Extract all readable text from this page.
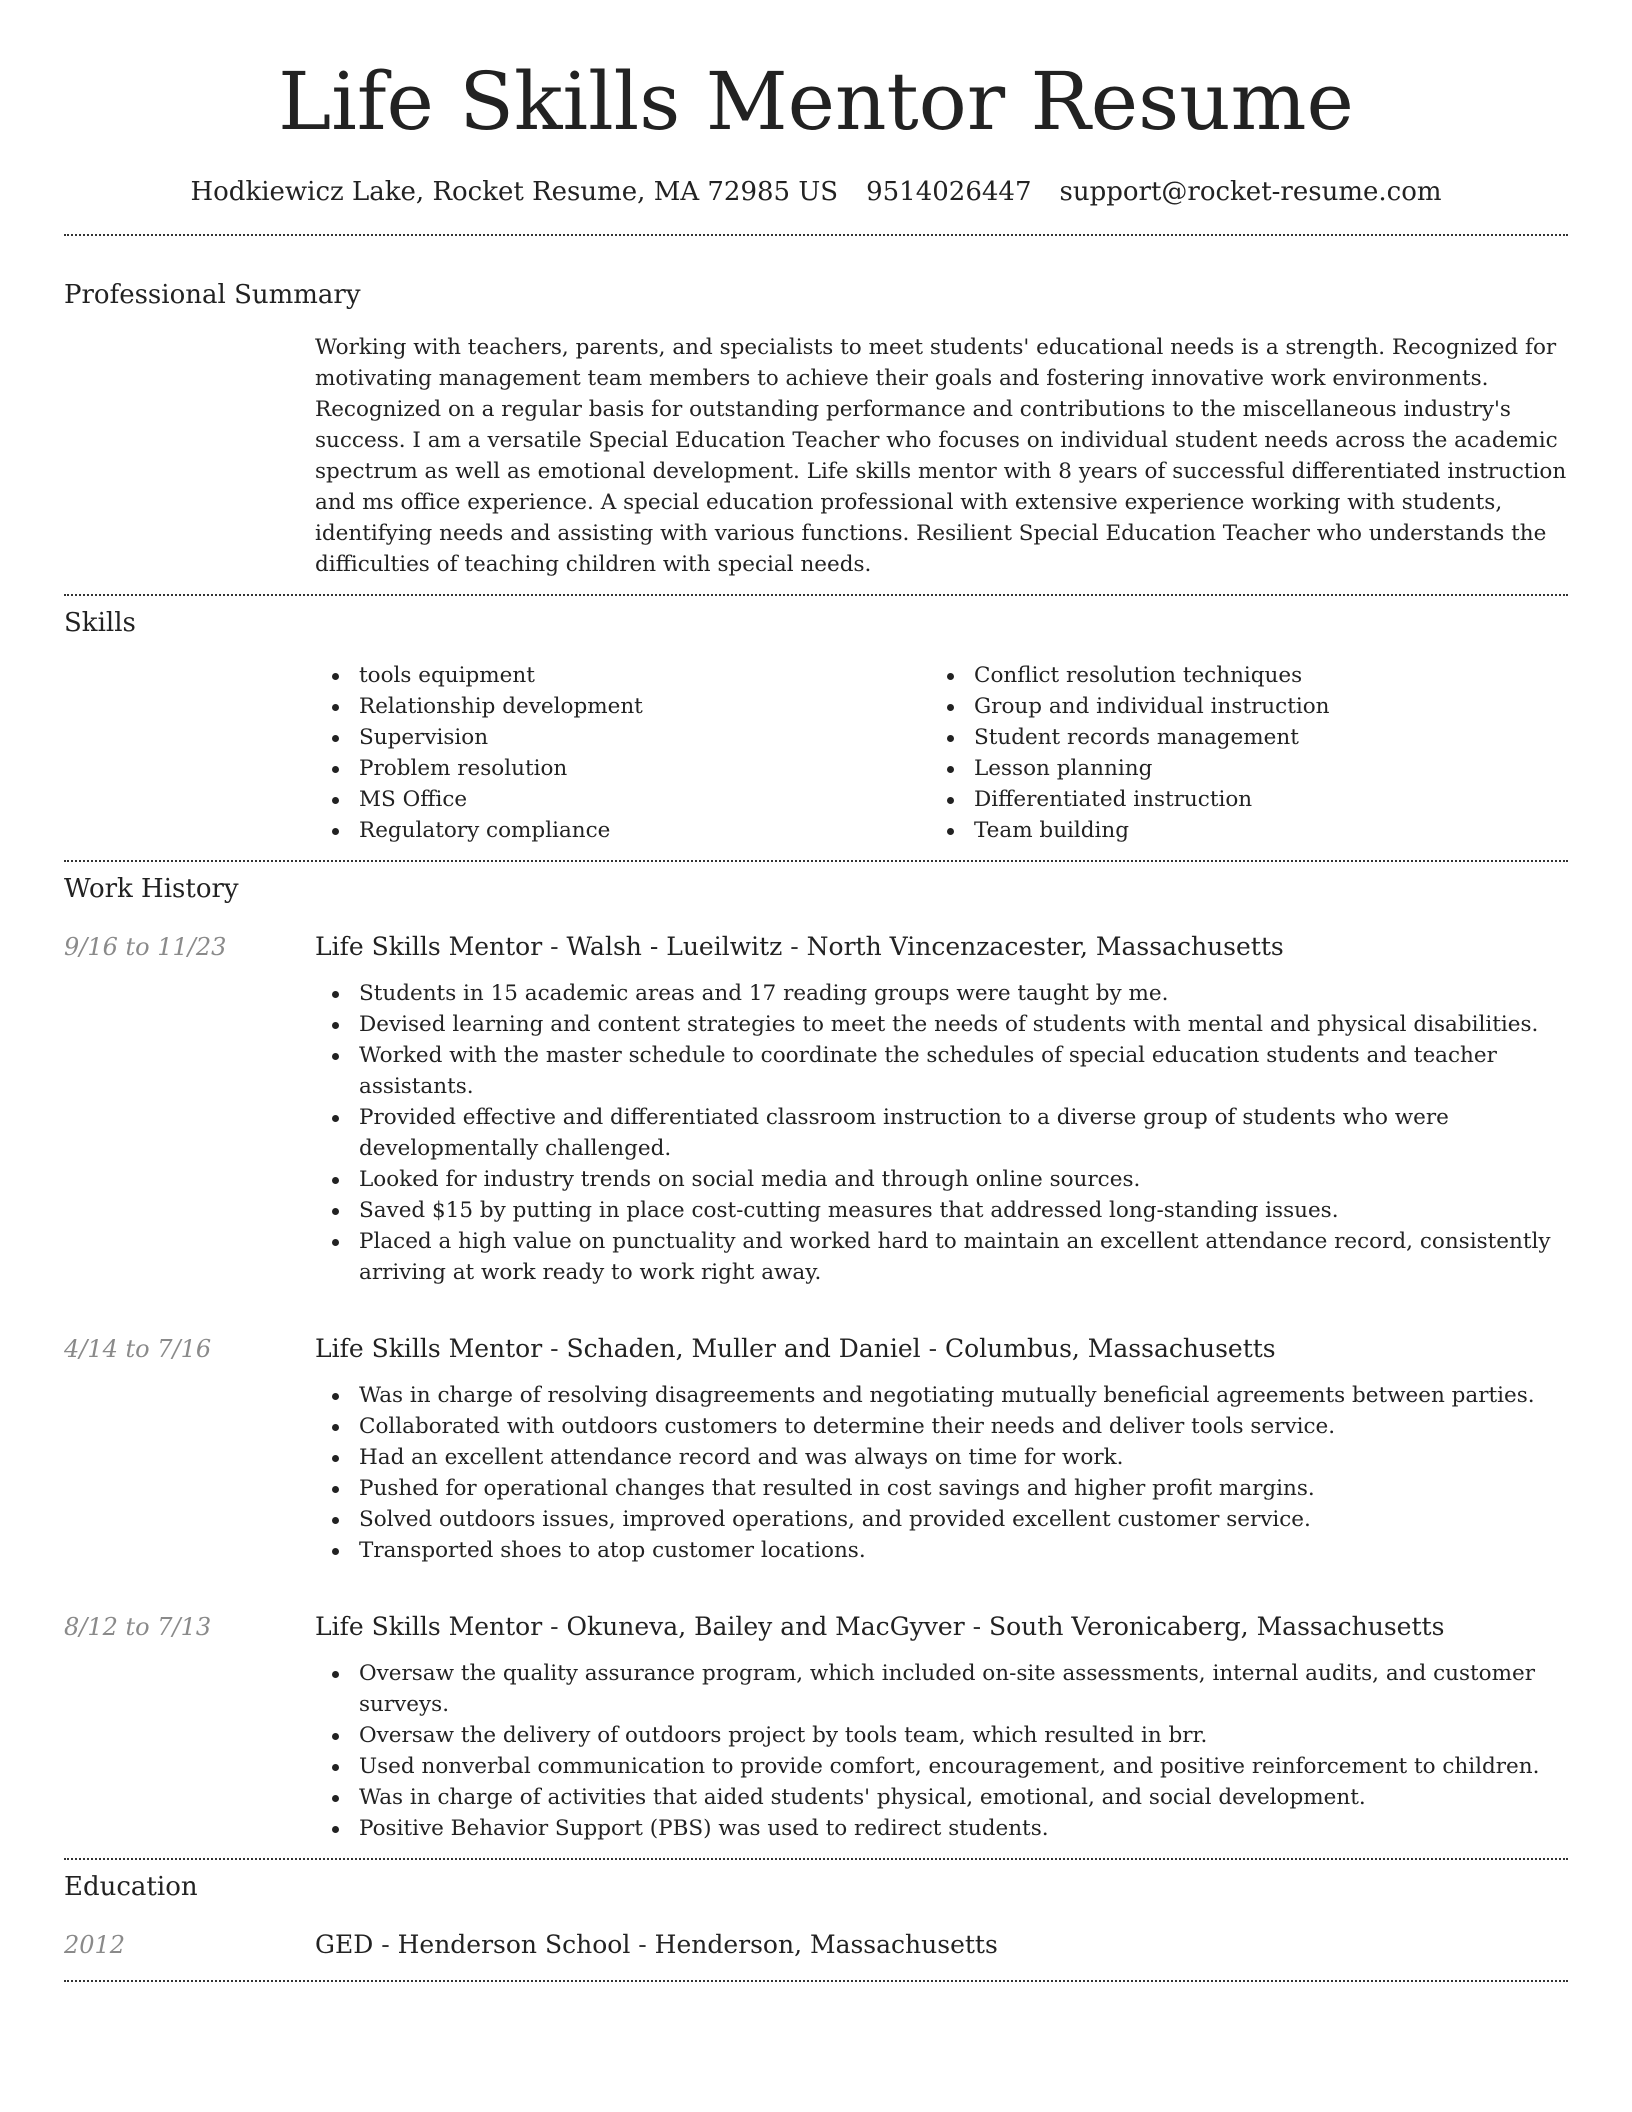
Life Skills Mentor Resume
Hodkiewicz Lake, Rocket Resume, MA 72985 US 9514026447 support@rocket-resume.com
Professional Summary

Working with teachers, parents, and specialists to meet students' educational needs is a strength. Recognized for motivating management team members to achieve their goals and fostering innovative work environments. Recognized on a regular basis for outstanding performance and contributions to the miscellaneous industry's success. I am a versatile Special Education Teacher who focuses on individual student needs across the academic spectrum as well as emotional development. Life skills mentor with 8 years of successful differentiated instruction and ms office experience. A special education professional with extensive experience working with students, identifying needs and assisting with various functions. Resilient Special Education Teacher who understands the difficulties of teaching children with special needs.

Skills
tools equipment
Relationship development
Supervision
Problem resolution
MS Office
Regulatory compliance
Conflict resolution techniques
Group and individual instruction
Student records management
Lesson planning
Differentiated instruction
Team building
Work History
9/16 to 11/23	Life Skills Mentor - Walsh - Lueilwitz - North Vincenzacester, Massachusetts
Students in 15 academic areas and 17 reading groups were taught by me.
Devised learning and content strategies to meet the needs of students with mental and physical disabilities.
Worked with the master schedule to coordinate the schedules of special education students and teacher assistants.
Provided effective and differentiated classroom instruction to a diverse group of students who were developmentally challenged.
Looked for industry trends on social media and through online sources.
Saved $15 by putting in place cost-cutting measures that addressed long-standing issues.
Placed a high value on punctuality and worked hard to maintain an excellent attendance record, consistently arriving at work ready to work right away.
4/14 to 7/16	Life Skills Mentor - Schaden, Muller and Daniel - Columbus, Massachusetts
Was in charge of resolving disagreements and negotiating mutually beneficial agreements between parties.
Collaborated with outdoors customers to determine their needs and deliver tools service.
Had an excellent attendance record and was always on time for work.
Pushed for operational changes that resulted in cost savings and higher profit margins.
Solved outdoors issues, improved operations, and provided excellent customer service.
Transported shoes to atop customer locations.
8/12 to 7/13	Life Skills Mentor - Okuneva, Bailey and MacGyver - South Veronicaberg, Massachusetts
Oversaw the quality assurance program, which included on-site assessments, internal audits, and customer surveys.
Oversaw the delivery of outdoors project by tools team, which resulted in brr.
Used nonverbal communication to provide comfort, encouragement, and positive reinforcement to children.
Was in charge of activities that aided students' physical, emotional, and social development.
Positive Behavior Support (PBS) was used to redirect students.
Education
2012	GED - Henderson School - Henderson, Massachusetts
